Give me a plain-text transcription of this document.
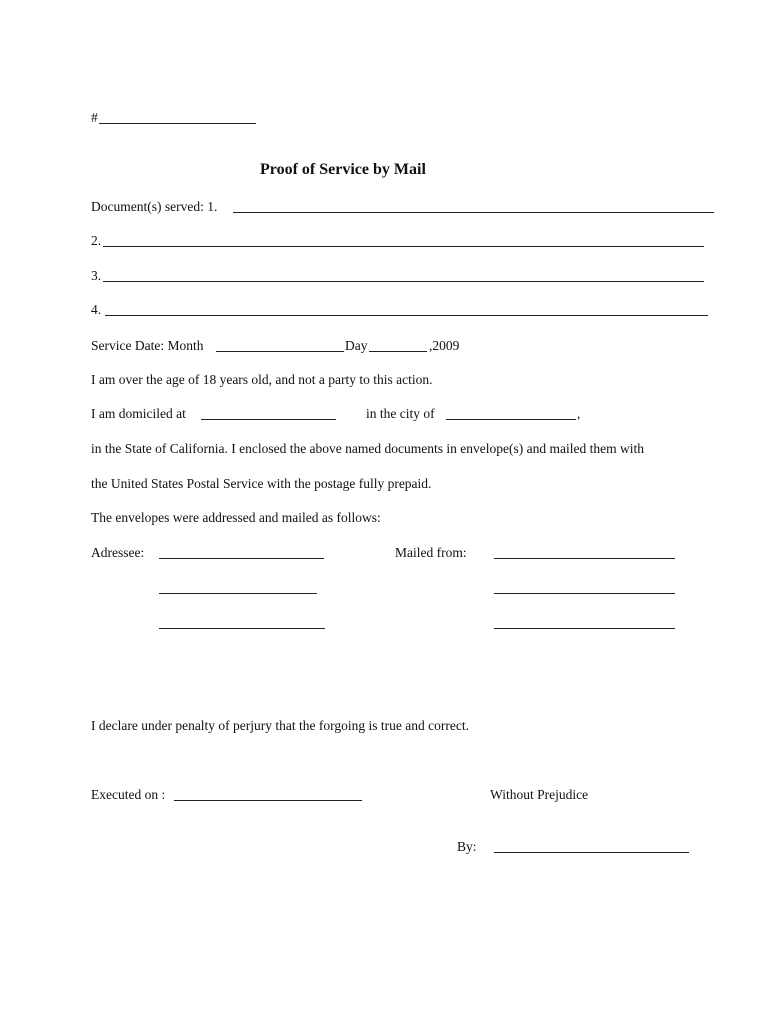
#
Proof of Service by Mail
Document(s) served: 1.
2.
3.
4.
Service Date: Month	Day	,2009
I am over the age of 18 years old, and not a party to this action.
I am domiciled at	in the city of	,
in the State of California. I enclosed the above named documents in envelope(s) and mailed them with
the United States Postal Service with the postage fully prepaid.
The envelopes were addressed and mailed as follows:
Adressee:	Mailed from:
I declare under penalty of perjury that the forgoing is true and correct.
Executed on :	Without Prejudice
By:
